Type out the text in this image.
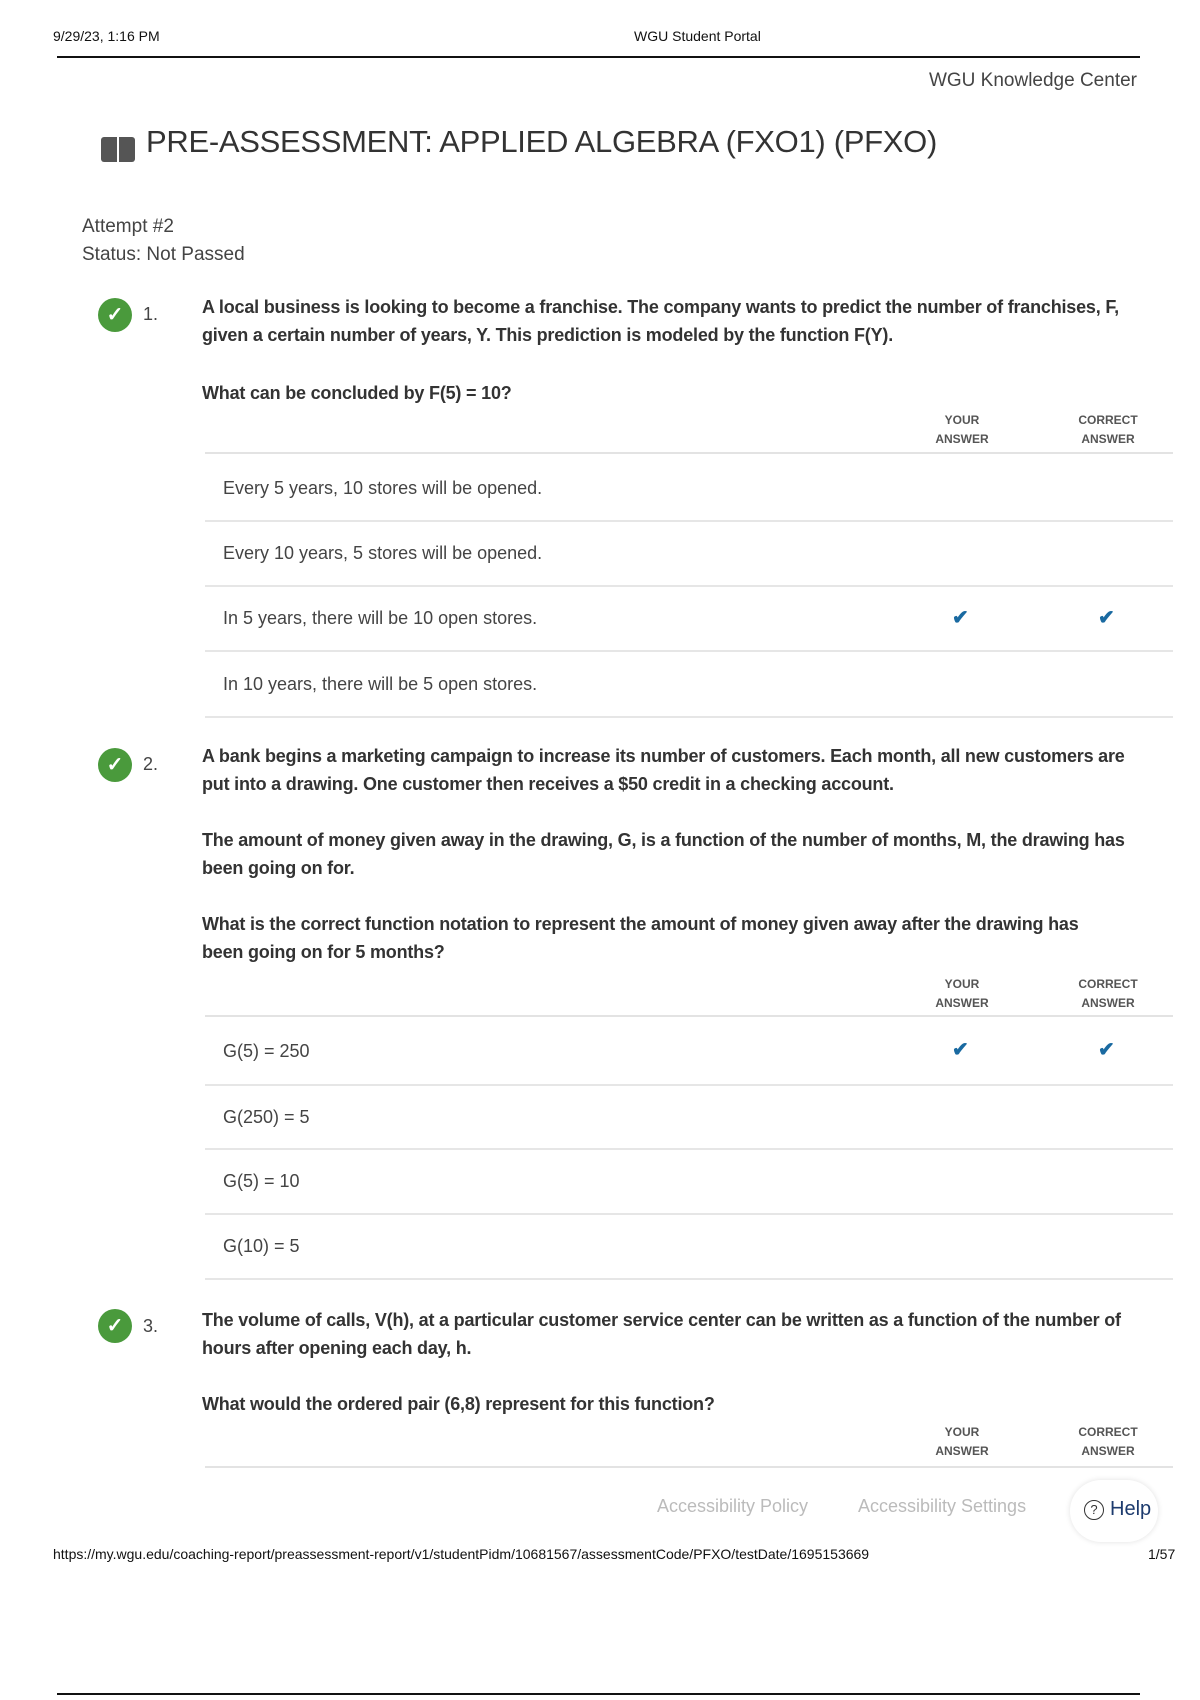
9/29/23, 1:16 PM	WGU Student Portal
WGU Knowledge Center
PRE-ASSESSMENT: APPLIED ALGEBRA (FXO1) (PFXO)
Attempt #2
Status: Not Passed
✓	1. A local business is looking to become a franchise. The company wants to predict the number of franchises, F,
given a certain number of years, Y. This prediction is modeled by the function F(Y).
What can be concluded by F(5) = 10?
YOUR
ANSWER
CORRECT
ANSWER
Every 5 years, 10 stores will be opened.
Every 10 years, 5 stores will be opened.
In 5 years, there will be 10 open stores.	✔	✔
In 10 years, there will be 5 open stores.
✓	2. A bank begins a marketing campaign to increase its number of customers. Each month, all new customers are
put into a drawing. One customer then receives a $50 credit in a checking account.
The amount of money given away in the drawing, G, is a function of the number of months, M, the drawing has
been going on for.
What is the correct function notation to represent the amount of money given away after the drawing has
been going on for 5 months?
YOUR
ANSWER
CORRECT
ANSWER
G(5) = 250	✔	✔
G(250) = 5
G(5) = 10
G(10) = 5
✓	3. The volume of calls, V(h), at a particular customer service center can be written as a function of the number of
hours after opening each day, h.
What would the ordered pair (6,8) represent for this function?
YOUR
ANSWER
CORRECT
ANSWER
Accessibility Policy	Accessibility Settings	? Help
https://my.wgu.edu/coaching-report/preassessment-report/v1/studentPidm/10681567/assessmentCode/PFXO/testDate/1695153669	1/57
